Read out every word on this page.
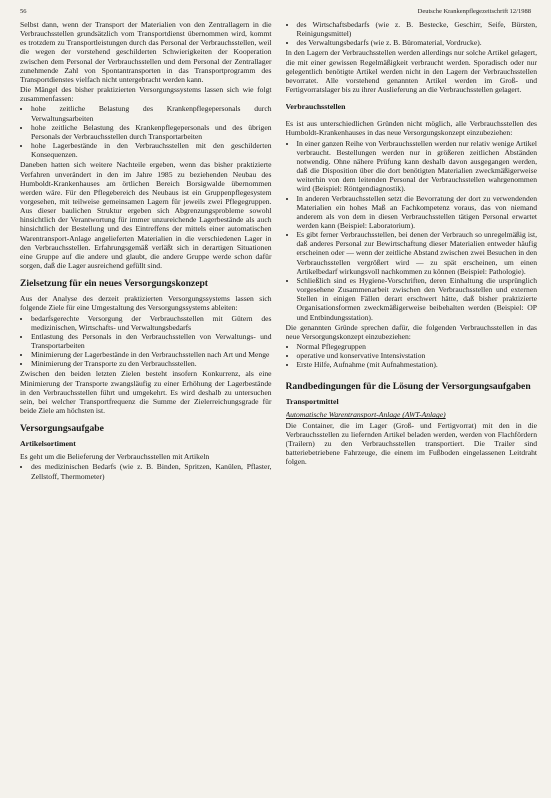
56	Deutsche Krankenpflegezeitschrift 12/1988

Selbst dann, wenn der Transport der Materialien von den Zentrallagern in die Verbrauchsstellen grundsätzlich vom Transportdienst übernommen wird, kommt es trotzdem zu Transportleistungen durch das Personal der Verbrauchsstellen, weil die wegen der vorstehend geschilderten Schwierigkeiten der Kooperation zwischen dem Personal der Verbrauchsstellen und dem Personal der Zentrallager zunehmende Zahl von Spontantransporten in das Transportprogramm des Transportdienstes vielfach nicht untergebracht werden kann.

Die Mängel des bisher praktizierten Versorgungssystems lassen sich wie folgt zusammenfassen:

• hohe zeitliche Belastung des Krankenpflegepersonals durch Verwaltungsarbeiten
• hohe zeitliche Belastung des Krankenpflegepersonals und des übrigen Personals der Verbrauchsstellen durch Transportarbeiten
• hohe Lagerbestände in den Verbrauchsstellen mit den geschilderten Konsequenzen.

Daneben hatten sich weitere Nachteile ergeben, wenn das bisher praktizierte Verfahren unverändert in den im Jahre 1985 zu beziehenden Neubau des Humboldt-Krankenhauses am örtlichen Bereich Borsigwalde übernommen werden wäre. Für den Pflegebereich des Neubaus ist ein Gruppenpflegesystem vorgesehen, mit teilweise gemeinsamen Lagern für jeweils zwei Pflegegruppen. Aus dieser baulichen Struktur ergeben sich Abgrenzungsprobleme sowohl hinsichtlich der Verantwortung für immer unzureichende Lagerbestände als auch hinsichtlich der Bestellung und des Eintreffens der mittels einer automatischen Warentransport-Anlage angelieferten Materialien in die verschiedenen Lager in den Verbrauchsstellen. Erfahrungsgemäß verläßt sich in derartigen Situationen eine Gruppe auf die andere und glaubt, die andere Gruppe werde schon dafür sorgen, daß die Lager ausreichend gefüllt sind.

Zielsetzung für ein neues Versorgungskonzept

Aus der Analyse des derzeit praktizierten Versorgungssystems lassen sich folgende Ziele für eine Umgestaltung des Versorgungssystems ableiten:

• bedarfsgerechte Versorgung der Verbrauchsstellen mit Gütern des medizinischen, Wirtschafts- und Verwaltungsbedarfs
• Entlastung des Personals in den Verbrauchsstellen von Verwaltungs- und Transportarbeiten
• Minimierung der Lagerbestände in den Verbrauchsstellen nach Art und Menge
• Minimierung der Transporte zu den Verbrauchsstellen.

Zwischen den beiden letzten Zielen besteht insofern Konkurrenz, als eine Minimierung der Transporte zwangsläufig zu einer Erhöhung der Lagerbestände in den Verbrauchsstellen führt und umgekehrt. Es wird deshalb zu untersuchen sein, bei welcher Transportfrequenz die Summe der Zielerreichungsgrade für beide Ziele am höchsten ist.

Versorgungsaufgabe
Artikelsortiment

Es geht um die Belieferung der Verbrauchsstellen mit Artikeln

• des medizinischen Bedarfs (wie z. B. Binden, Spritzen, Kanülen, Pflaster, Zellstoff, Thermometer)
• des Wirtschaftsbedarfs (wie z. B. Bestecke, Geschirr, Seife, Bürsten, Reinigungsmittel)
• des Verwaltungsbedarfs (wie z. B. Büromaterial, Vordrucke).

In den Lagern der Verbrauchsstellen werden allerdings nur solche Artikel gelagert, die mit einer gewissen Regelmäßigkeit verbraucht werden. Sporadisch oder nur gelegentlich benötigte Artikel werden nicht in den Lagern der Verbrauchsstellen bevorratet. Alle vorstehend genannten Artikel werden im Groß- und Fertigvorratslager bis zu ihrer Auslieferung an die Verbrauchsstellen gelagert.

Verbrauchsstellen

Es ist aus unterschiedlichen Gründen nicht möglich, alle Verbrauchsstellen des Humboldt-Krankenhauses in das neue Versorgungskonzept einzubeziehen:

• In einer ganzen Reihe von Verbrauchsstellen werden nur relativ wenige Artikel verbraucht. Bestellungen werden nur in größeren zeitlichen Abständen notwendig. Ohne nähere Prüfung kann deshalb davon ausgegangen werden, daß die Disposition über die dort benötigten Materialien zweckmäßigerweise weiterhin von dem leitenden Personal der Verbrauchsstellen wahrgenommen wird (Beispiel: Röntgendiagnostik).
• In anderen Verbrauchsstellen setzt die Bevorratung der dort zu verwendenden Materialien ein hohes Maß an Fachkompetenz voraus, das von niemand anderem als von dem in diesen Verbrauchsstellen tätigen Personal erwartet werden kann (Beispiel: Laboratorium).
• Es gibt ferner Verbrauchsstellen, bei denen der Verbrauch so unregelmäßig ist, daß anderes Personal zur Bewirtschaftung dieser Materialien entweder häufig erscheinen oder — wenn der zeitliche Abstand zwischen zwei Besuchen in den Verbrauchsstellen vergrößert wird — zu spät erscheinen, um einen Artikelbedarf wirkungsvoll nachkommen zu können (Beispiel: Pathologie).
• Schließlich sind es Hygiene-Vorschriften, deren Einhaltung die ursprünglich vorgesehene Zusammenarbeit zwischen den Verbrauchsstellen und externen Stellen in einigen Fällen derart erschwert hätte, daß bisher praktizierte Organisationsformen zweckmäßigerweise beibehalten werden (Beispiel: OP und Entbindungsstation).

Die genannten Gründe sprechen dafür, die folgenden Verbrauchsstellen in das neue Versorgungskonzept einzubeziehen:

• Normal Pflegegruppen
• operative und konservative Intensivstation
• Erste Hilfe, Aufnahme (mit Aufnahmestation).
Randbedingungen für die Lösung der Versorgungsaufgaben
Transportmittel

Automatische Warentransport-Anlage (AWT-Anlage)

Die Container, die im Lager (Groß- und Fertigvorrat) mit den in die Verbrauchsstellen zu liefernden Artikel beladen werden, werden von Flachfördern (Trailern) zu den Verbrauchsstellen transportiert. Die Trailer sind batteriebetriebene Fahrzeuge, die einem im Fußboden eingelassenen Leitdraht folgen.
